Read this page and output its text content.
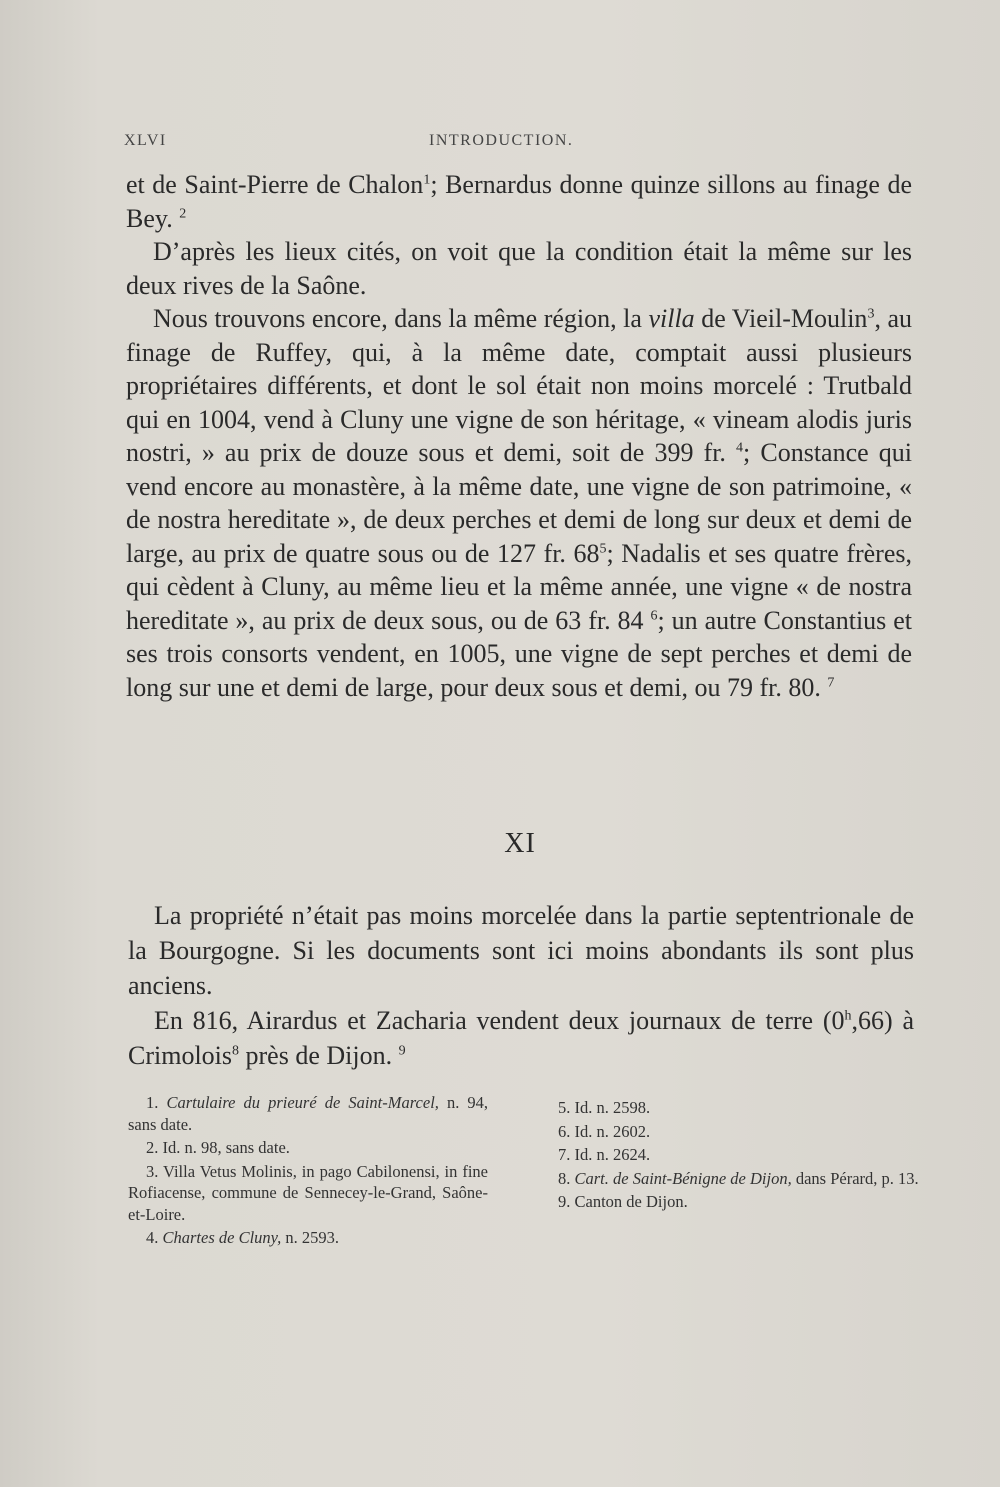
XLVI	INTRODUCTION.

et de Saint-Pierre de Chalon$^1$; Bernardus donne quinze sillons au finage de Bey. $^2$

D’après les lieux cités, on voit que la condition était la même sur les deux rives de la Saône.

Nous trouvons encore, dans la même région, la villa de Vieil-Moulin$^3$, au finage de Ruffey, qui, à la même date, comptait aussi plusieurs propriétaires différents, et dont le sol était non moins morcelé : Trutbald qui en 1004, vend à Cluny une vigne de son héritage, « vineam alodis juris nostri, » au prix de douze sous et demi, soit de 399 fr. $^4$; Constance qui vend encore au monastère, à la même date, une vigne de son patrimoine, « de nostra hereditate », de deux perches et demi de long sur deux et demi de large, au prix de quatre sous ou de 127 fr. $68^5$; Nadalis et ses quatre frères, qui cèdent à Cluny, au même lieu et la même année, une vigne « de nostra hereditate », au prix de deux sous, ou de 63 fr. 84 $^6$; un autre Constantius et ses trois consorts vendent, en 1005, une vigne de sept perches et demi de long sur une et demi de large, pour deux sous et demi, ou 79 fr. 80. $^7$

XI

La propriété n’était pas moins morcelée dans la partie septentrionale de la Bourgogne. Si les documents sont ici moins abondants ils sont plus anciens.

En 816, Airardus et Zacharia vendent deux journaux de terre (0$^h$,66) à Crimolois$^8$ près de Dijon. $^9$

1. Cartulaire du prieuré de Saint-Marcel, n. 94, sans date.

2. Id. n. 98, sans date.

3. Villa Vetus Molinis, in pago Cabilonensi, in fine Rofiacense, commune de Sennecey-le-Grand, Saône-et-Loire.

4. Chartes de Cluny, n. 2593.

5. Id. n. 2598.

6. Id. n. 2602.

7. Id. n. 2624.

8. Cart. de Saint-Bénigne de Dijon, dans Pérard, p. 13.

9. Canton de Dijon.
